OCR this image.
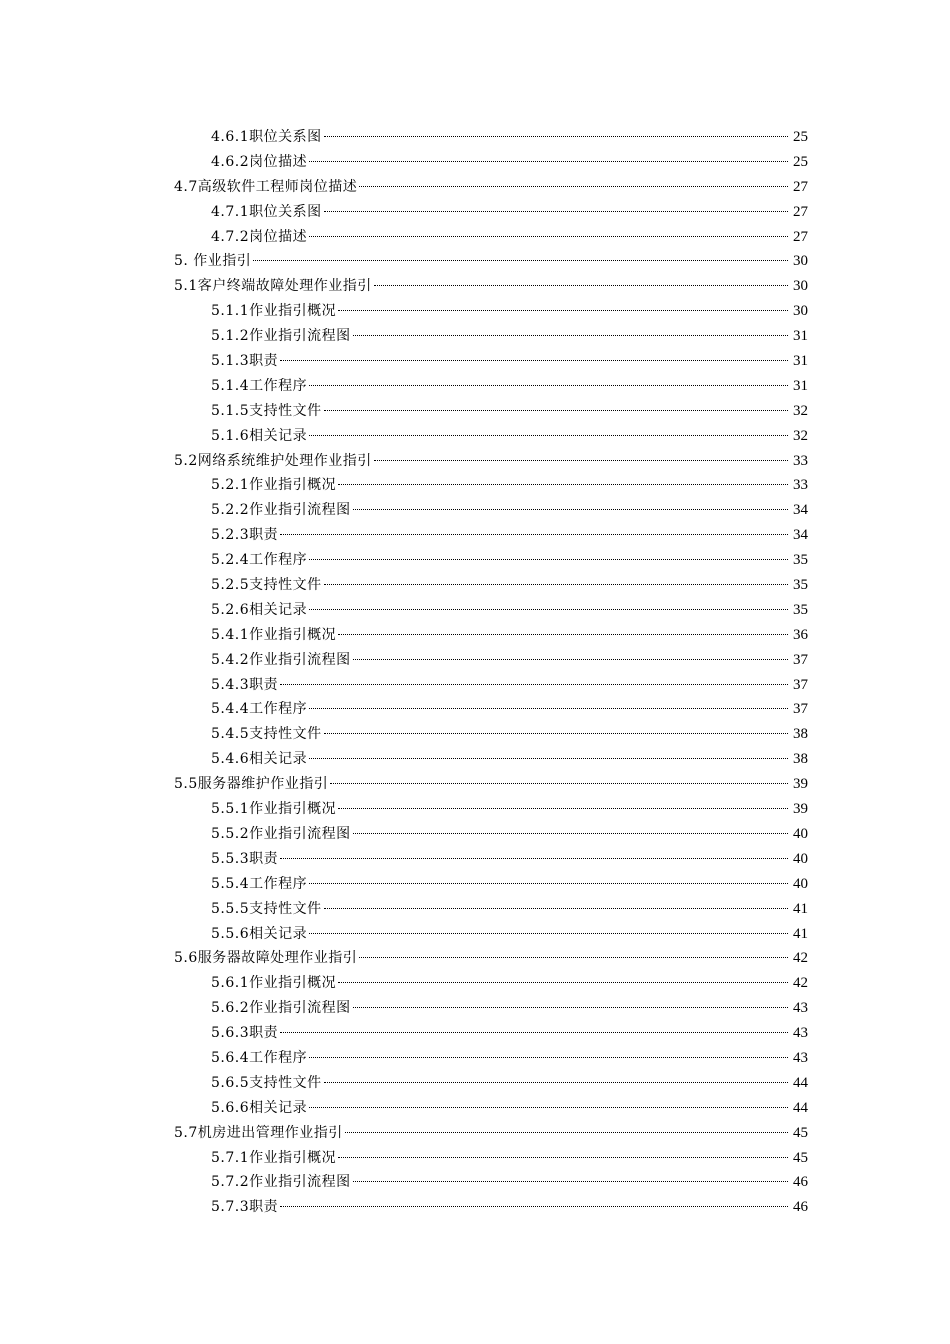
4.6.1职位关系图	25
4.6.2岗位描述	25
4.7高级软件工程师岗位描述	27
4.7.1职位关系图	27
4.7.2岗位描述	27
5. 作业指引	30
5.1客户终端故障处理作业指引	30
5.1.1作业指引概况	30
5.1.2作业指引流程图	31
5.1.3职责	31
5.1.4工作程序	31
5.1.5支持性文件	32
5.1.6相关记录	32
5.2网络系统维护处理作业指引	33
5.2.1作业指引概况	33
5.2.2作业指引流程图	34
5.2.3职责	34
5.2.4工作程序	35
5.2.5支持性文件	35
5.2.6相关记录	35
5.4.1作业指引概况	36
5.4.2作业指引流程图	37
5.4.3职责	37
5.4.4工作程序	37
5.4.5支持性文件	38
5.4.6相关记录	38
5.5服务器维护作业指引	39
5.5.1作业指引概况	39
5.5.2作业指引流程图	40
5.5.3职责	40
5.5.4工作程序	40
5.5.5支持性文件	41
5.5.6相关记录	41
5.6服务器故障处理作业指引	42
5.6.1作业指引概况	42
5.6.2作业指引流程图	43
5.6.3职责	43
5.6.4工作程序	43
5.6.5支持性文件	44
5.6.6相关记录	44
5.7机房进出管理作业指引	45
5.7.1作业指引概况	45
5.7.2作业指引流程图	46
5.7.3职责	46
